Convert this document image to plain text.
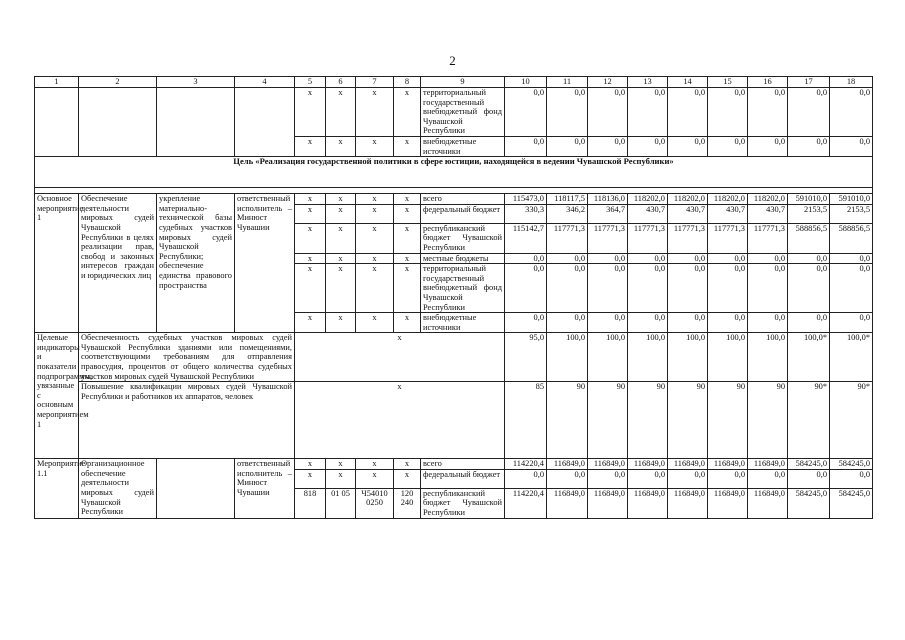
2
1	2	3	4	5	6	7	8	9	10	11	12	13	14	15	16	17	18
				x	x	x	x	территориальный государственный внебюджетный фонд Чувашской Республики	0,0	0,0	0,0	0,0	0,0	0,0	0,0	0,0	0,0
				x	x	x	x	внебюджетные источники	0,0	0,0	0,0	0,0	0,0	0,0	0,0	0,0	0,0
Цель «Реализация государственной политики в сфере юстиции, находящейся в ведении Чувашской Республики»																	

Основное мероприятие 1	Обеспечение деятельности мировых судей Чувашской Республики в целях реализации прав, свобод и законных интересов граждан и юридических лиц	укрепление материально-технической базы судебных участков мировых судей Чувашской Республики; обеспечение единства правового пространства	ответственный исполнитель – Минюст Чувашии	x	x	x	x	всего	115473,0	118117,5	118136,0	118202,0	118202,0	118202,0	118202,0	591010,0	591010,0
				x	x	x	x	федеральный бюджет	330,3	346,2	364,7	430,7	430,7	430,7	430,7	2153,5	2153,5
				x	x	x	x	республиканский бюджет Чувашской Республики	115142,7	117771,3	117771,3	117771,3	117771,3	117771,3	117771,3	588856,5	588856,5
				x	x	x	x	местные бюджеты	0,0	0,0	0,0	0,0	0,0	0,0	0,0	0,0	0,0
				x	x	x	x	территориальный государственный внебюджетный фонд Чувашской Республики	0,0	0,0	0,0	0,0	0,0	0,0	0,0	0,0	0,0
				x	x	x	x	внебюджетные источники	0,0	0,0	0,0	0,0	0,0	0,0	0,0	0,0	0,0
Целевые индикаторы и показатели подпрограммы, увязанные с основным мероприятием 1	Обеспеченность судебных участков мировых судей Чувашской Республики зданиями или помещениями, соответствующими требованиям для отправления правосудия, процентов от общего количества судебных участков мировых судей Чувашской Республики			x					95,0	100,0	100,0	100,0	100,0	100,0	100,0	100,0*	100,0*
	Повышение квалификации мировых судей Чувашской Республики и работников их аппаратов, человек			x					85	90	90	90	90	90	90	90*	90*
Мероприятие 1.1	Организационное обеспечение деятельности мировых судей Чувашской Республики		ответственный исполнитель – Минюст Чувашии	x	x	x	x	всего	114220,4	116849,0	116849,0	116849,0	116849,0	116849,0	116849,0	584245,0	584245,0
				x	x	x	x	федеральный бюджет	0,0	0,0	0,0	0,0	0,0	0,0	0,0	0,0	0,0
				818	01 05	Ч54010 0250	120 240	республиканский бюджет Чувашской Республики	114220,4	116849,0	116849,0	116849,0	116849,0	116849,0	116849,0	584245,0	584245,0
